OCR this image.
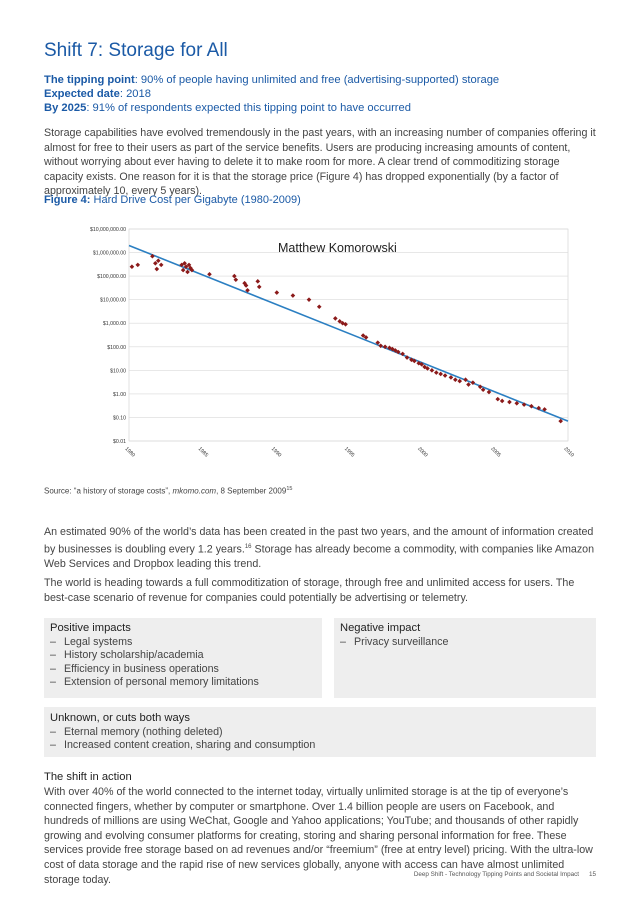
Shift 7: Storage for All
The tipping point: 90% of people having unlimited and free (advertising-supported) storage
Expected date: 2018
By 2025: 91% of respondents expected this tipping point to have occurred

Storage capabilities have evolved tremendously in the past years, with an increasing number of companies offering it almost for free to their users as part of the service benefits. Users are producing increasing amounts of content, without worrying about ever having to delete it to make room for more. A clear trend of commoditizing storage capacity exists. One reason for it is that the storage price (Figure 4) has dropped exponentially (by a factor of approximately 10, every 5 years).

Figure 4: Hard Drive Cost per Gigabyte (1980-2009)
Source: “a history of storage costs”, mkomo.com, 8 September 2009$^{15}$

An estimated 90% of the world’s data has been created in the past two years, and the amount of information created by businesses is doubling every 1.2 years.$^{16}$ Storage has already become a commodity, with companies like Amazon Web Services and Dropbox leading this trend.

The world is heading towards a full commoditization of storage, through free and unlimited access for users. The best-case scenario of revenue for companies could potentially be advertising or telemetry.

Positive impacts
– Legal systems
– History scholarship/academia
– Efficiency in business operations
– Extension of personal memory limitations
Negative impact
– Privacy surveillance
Unknown, or cuts both ways
– Eternal memory (nothing deleted)
– Increased content creation, sharing and consumption
The shift in action

With over 40% of the world connected to the internet today, virtually unlimited storage is at the tip of everyone’s connected fingers, whether by computer or smartphone. Over 1.4 billion people are users on Facebook, and hundreds of millions are using WeChat, Google and Yahoo applications; YouTube; and thousands of other rapidly growing and evolving consumer platforms for creating, storing and sharing personal information for free. These services provide free storage based on ad revenues and/or “freemium” (free at entry level) pricing. With the ultra-low cost of data storage and the rapid rise of new services globally, anyone with access can have almost unlimited storage today.	Deep Shift - Technology Tipping Points and Societal Impact 15
$10,000,000.00
$1,000,000.00
$100,000.00
$10,000.00
$1,000.00
$100.00
$10.00
$1.00
$0.10
$0.01
1980	1985	1990	1995	2000	2005	2010
Matthew Komorowski
